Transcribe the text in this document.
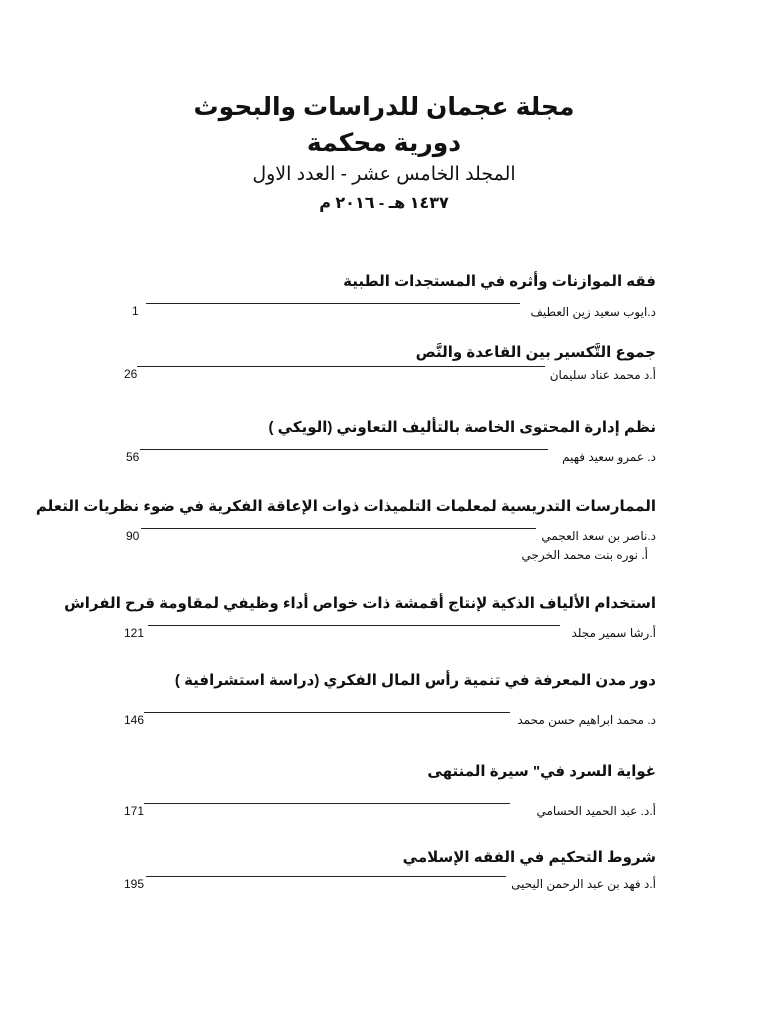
مجلة عجمان للدراسات والبحوث
دورية محكمة
المجلد الخامس عشر - العدد الاول
١٤٣٧ هـ - ٢٠١٦ م
فقه الموازنات وأثره في المستجدات الطبية
د.ايوب سعيد زين العطيف
1
جموع التَّكسير بين القاعدة والنَّص
أ.د محمد عناد سليمان
26
نظم إدارة المحتوى الخاصة بالتأليف التعاوني (الويكي )
د. عمرو سعيد فهيم
56
الممارسات التدريسية لمعلمات التلميذات ذوات الإعاقة الفكرية في ضوء نظريات التعلم
د.ناصر بن سعد العجمي
أ. نوره بنت محمد الخرجي
90
استخدام الألياف الذكية لإنتاج أقمشة ذات خواص أداء وظيفي لمقاومة قرح الفراش
أ.رشا سمير مجلد
121
دور مدن المعرفة في تنمية رأس المال الفكري (دراسة استشرافية )
د. محمد ابراهيم حسن محمد
146
غواية السرد في" سيرة المنتهى
أ.د. عبد الحميد الحسامي
171
شروط التحكيم في الفقه الإسلامي
أ.د فهد بن عبد الرحمن اليحيى
195
